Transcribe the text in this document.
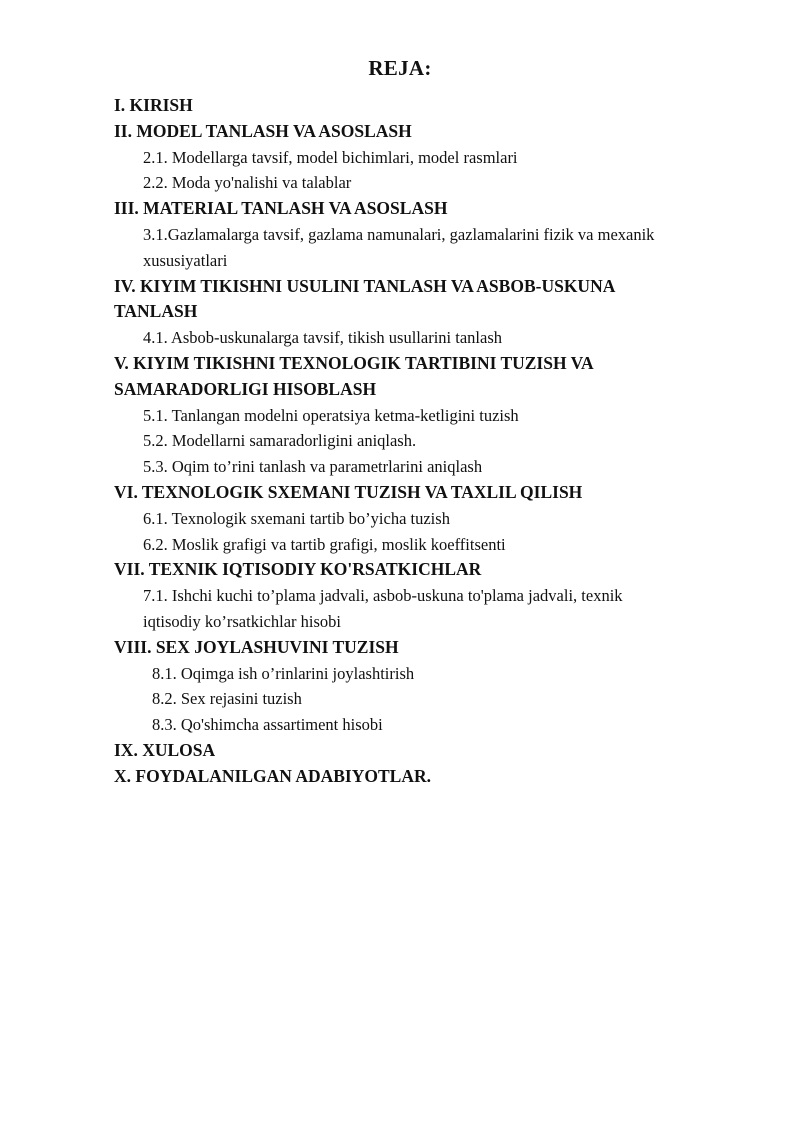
REJA:
I. KIRISH
II. MODEL TANLASH VA ASOSLASH
2.1. Modellarga tavsif, model bichimlari, model rasmlari
2.2. Moda yo'nalishi va talablar
III. MATERIAL TANLASH VA ASOSLASH
3.1.Gazlamalarga tavsif, gazlama namunalari, gazlamalarini fizik va mexanik
xususiyatlari
IV. KIYIM TIKISHNI USULINI TANLASH VA ASBOB-USKUNA
TANLASH
4.1. Asbob-uskunalarga tavsif, tikish usullarini tanlash
V. KIYIM TIKISHNI TEXNOLOGIK TARTIBINI TUZISH VA
SAMARADORLIGI HISOBLASH
5.1. Tanlangan modelni operatsiya ketma-ketligini tuzish
5.2. Modellarni samaradorligini aniqlash.
5.3. Oqim to’rini tanlash va parametrlarini aniqlash
VI. TEXNOLOGIK SXEMANI TUZISH VA TAXLIL QILISH
6.1. Texnologik sxemani tartib bo’yicha tuzish
6.2. Moslik grafigi va tartib grafigi, moslik koeffitsenti
VII. TEXNIK IQTISODIY KO'RSATKICHLAR
7.1. Ishchi kuchi to’plama jadvali, asbob-uskuna to'plama jadvali, texnik
iqtisodiy ko’rsatkichlar hisobi
VIII. SEX JOYLASHUVINI TUZISH
8.1. Oqimga ish o’rinlarini joylashtirish
8.2. Sex rejasini tuzish
8.3. Qo'shimcha assartiment hisobi
IX. XULOSA
X. FOYDALANILGAN ADABIYOTLAR.
